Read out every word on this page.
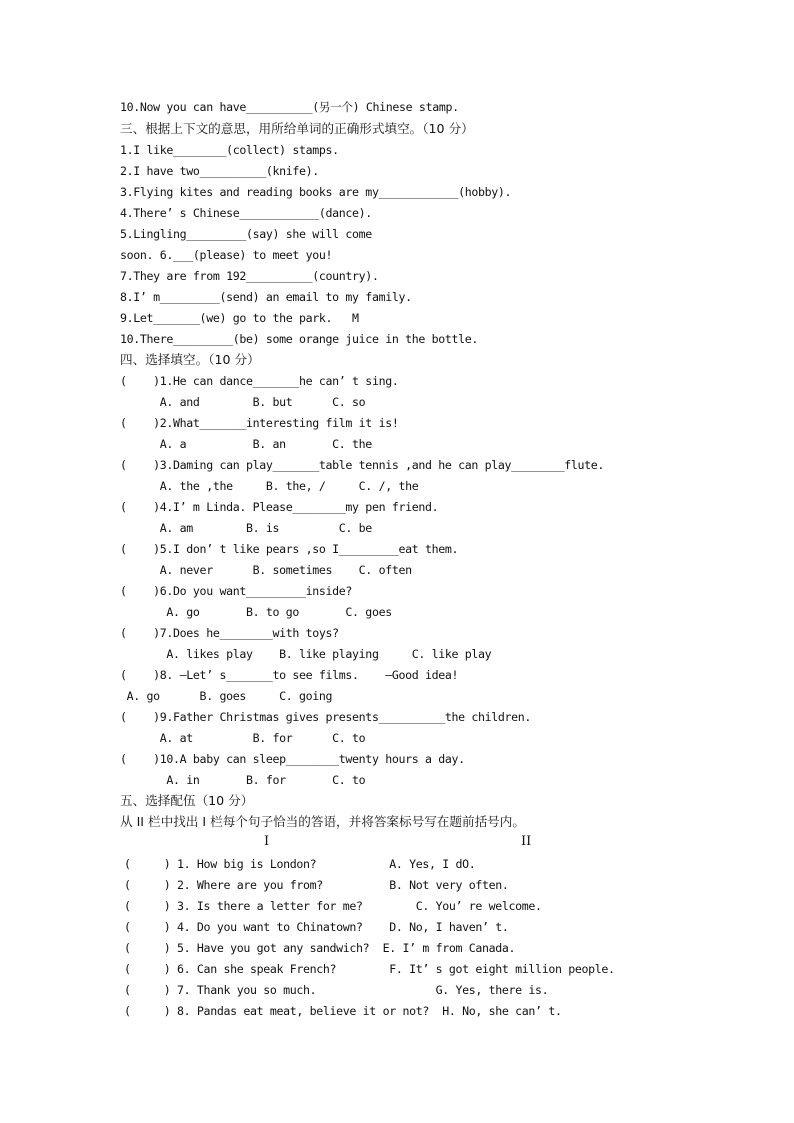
10.Now you can have__________(另一个) Chinese stamp.
三、根据上下文的意思，用所给单词的正确形式填空。（10 分）
1.I like________(collect) stamps.
2.I have two__________(knife).
3.Flying kites and reading books are my____________(hobby).
4.There’ s Chinese____________(dance).
5.Lingling_________(say) she will come
soon. 6.___(please) to meet you!
7.They are from 192__________(country).
8.I’ m_________(send) an email to my family.
9.Let_______(we) go to the park.   M
10.There_________(be) some orange juice in the bottle.
四、选择填空。（10 分）
(    )1.He can dance_______he can’ t sing.
A. and        B. but      C. so
(    )2.What_______interesting film it is!
A. a          B. an       C. the
(    )3.Daming can play_______table tennis ,and he can play________flute.
A. the ,the     B. the, /     C. /, the
(    )4.I’ m Linda. Please________my pen friend.
A. am        B. is         C. be
(    )5.I don’ t like pears ,so I_________eat them.
A. never      B. sometimes    C. often
(    )6.Do you want_________inside?
A. go       B. to go       C. goes
(    )7.Does he________with toys?
A. likes play    B. like playing     C. like play
(    )8. —Let’ s_______to see films.    —Good idea!
A. go      B. goes     C. going
(    )9.Father Christmas gives presents__________the children.
A. at         B. for      C. to
(    )10.A baby can sleep________twenty hours a day.
A. in       B. for       C. to
五、选择配伍（10 分）
从 II 栏中找出 I 栏每个句子恰当的答语，并将答案标号写在题前括号内。
I	II
(     ) 1. How big is London?           A. Yes, I dO.
(     ) 2. Where are you from?          B. Not very often.
(     ) 3. Is there a letter for me?        C. You’ re welcome.
(     ) 4. Do you want to Chinatown?    D. No, I haven’ t.
(     ) 5. Have you got any sandwich?  E. I’ m from Canada.
(     ) 6. Can she speak French?        F. It’ s got eight million people.
(     ) 7. Thank you so much.                  G. Yes, there is.
(     ) 8. Pandas eat meat, believe it or not?  H. No, she can’ t.
